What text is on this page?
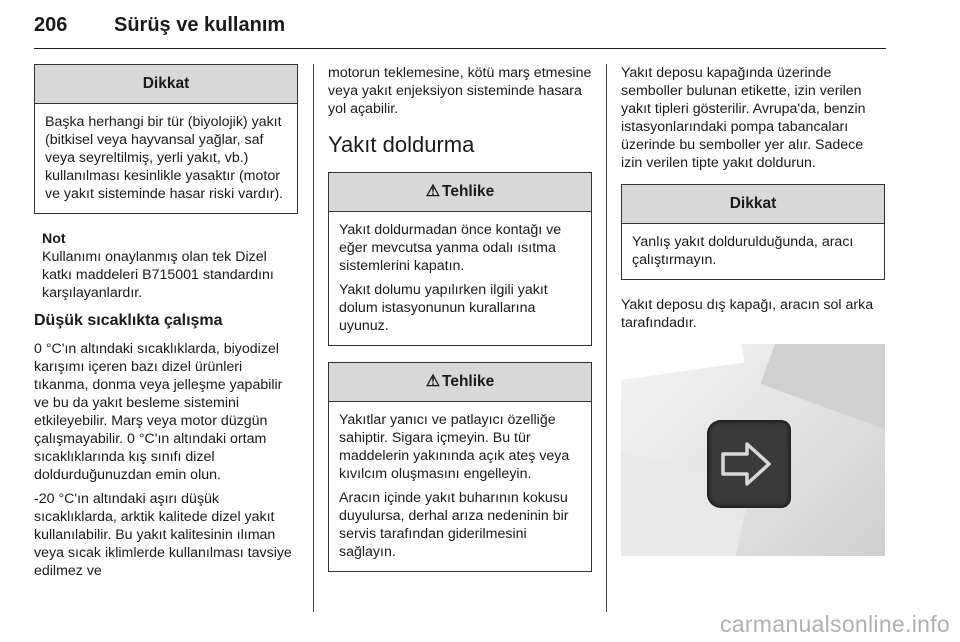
206 Sürüş ve kullanım
Dikkat

Başka herhangi bir tür (biyolojik) yakıt (bitkisel veya hayvansal yağlar, saf veya seyreltilmiş, yerli yakıt, vb.) kullanılması kesinlikle yasaktır (motor ve yakıt sisteminde hasar riski vardır).

Not
Kullanımı onaylanmış olan tek Dizel katkı maddeleri B715001 standardını karşılayanlardır.
Düşük sıcaklıkta çalışma

0 °C'ın altındaki sıcaklıklarda, biyodizel karışımı içeren bazı dizel ürünleri tıkanma, donma veya jelleşme yapabilir ve bu da yakıt besleme sistemini etkileyebilir. Marş veya motor düzgün çalışmayabilir. 0 °C'ın altındaki ortam sıcaklıklarında kış sınıfı dizel doldurduğunuzdan emin olun.

-20 °C'ın altındaki aşırı düşük sıcaklıklarda, arktik kalitede dizel yakıt kullanılabilir. Bu yakıt kalitesinin ılıman veya sıcak iklimlerde kullanılması tavsiye edilmez ve

motorun teklemesine, kötü marş etmesine veya yakıt enjeksiyon sisteminde hasara yol açabilir.

Yakıt doldurma
⚠ Tehlike

Yakıt doldurmadan önce kontağı ve eğer mevcutsa yanma odalı ısıtma sistemlerini kapatın.

Yakıt dolumu yapılırken ilgili yakıt dolum istasyonunun kurallarına uyunuz.

⚠ Tehlike

Yakıtlar yanıcı ve patlayıcı özelliğe sahiptir. Sigara içmeyin. Bu tür maddelerin yakınında açık ateş veya kıvılcım oluşmasını engelleyin.

Aracın içinde yakıt buharının kokusu duyulursa, derhal arıza nedeninin bir servis tarafından giderilmesini sağlayın.

Yakıt deposu kapağında üzerinde semboller bulunan etikette, izin verilen yakıt tipleri gösterilir. Avrupa'da, benzin istasyonlarındaki pompa tabancaları üzerinde bu semboller yer alır. Sadece izin verilen tipte yakıt doldurun.

Dikkat

Yanlış yakıt doldurulduğunda, aracı çalıştırmayın.

Yakıt deposu dış kapağı, aracın sol arka tarafındadır.

carmanualsonline.info
